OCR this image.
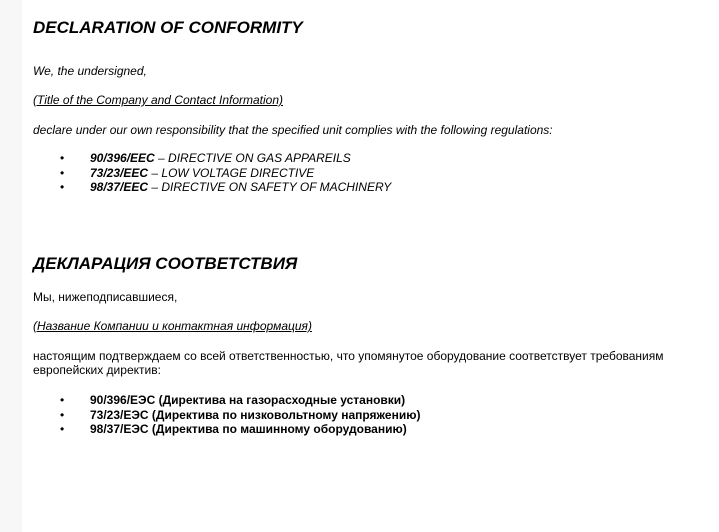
DECLARATION OF CONFORMITY
We, the undersigned,
(Title of the Company and Contact Information)
declare under our own responsibility that the specified unit complies with the following regulations:
• 90/396/EEC – DIRECTIVE ON GAS APPAREILS
• 73/23/EEC – LOW VOLTAGE DIRECTIVE
• 98/37/EEC – DIRECTIVE ON SAFETY OF MACHINERY
ДЕКЛАРАЦИЯ СООТВЕТСТВИЯ
Мы, нижеподписавшиеся,
(Название Компании и контактная информация)
настоящим подтверждаем со всей ответственностью, что упомянутое оборудование соответствует требованиям европейских директив:
• 90/396/ЕЭС (Директива на газорасходные установки)
• 73/23/ЕЭС (Директива по низковольтному напряжению)
• 98/37/ЕЭС (Директива по машинному оборудованию)
